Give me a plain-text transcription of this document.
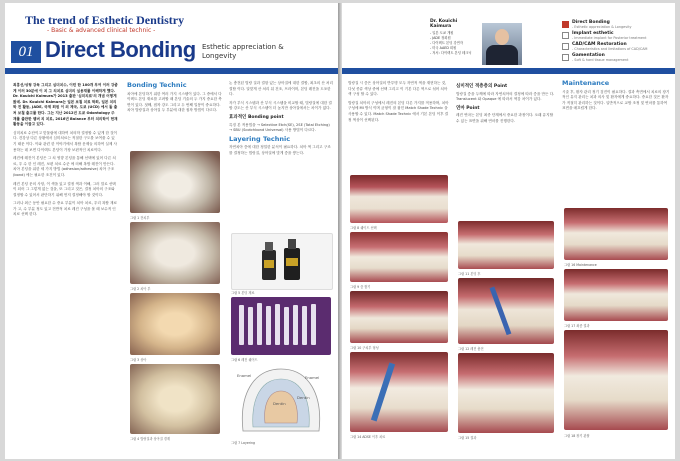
The trend of Esthetic Dentistry
- Basic & advanced clinical technic -
01 Direct Bonding Esthetic appreciation &
Longevity

최흥선/성형 강독 그리고 심미치수, 이런 한 100개 부여 이러 강좋게 이러 30분에 이 치 그 치치로 심미의 실용재를 이해하게 했다. Dr. Kouichi Kaimura가 2013 출판 '심미치료'의 개념 어떻게 봤데. Dr. Kouichi Kaimura는 일본 보철 치료 학회, 일본 치의학 전 활동, JADE, 국제 회원 이 외 제국, 도쿄 (UCD) 에서 돌 출 처 보철 출고를 한다. 그는 지난 2012년 도쿄 Odontology 주재를 출판한 멤버 치 치로, 2016년 Balance 부터 치의학이 현재 활동을 이끌고 있다.

심미치료 수단이고 맞물림에 대하여 치의학 결정할 수 있게 한 것이다. 건강상 다른 상황에서 심미치료는 적절한 구도를 보여줄 수 있기 때문 이다. 이와 관련 한 이야기에서 복합 문제들 의하여 실제 사용하는 데 보면 다이렉트 본딩이 가장 보편적인 치료이다.

레진에 레진이 본딩은 그 치 영향 본딩을 통해 선택에 있어 다른 치료, 우 수 한 인 레진, 보편 치료 수준 에 의해 복합 레진이 만든다. 치아 본딩을 위한 세 가지 방법 (adhesion/adhesive) 치아 구조 (bond) 에는 필요한 조건이 있다.

레진 본딩 문의 사항, 이 색을 있고 결정 색과 이해, 그러 말로 선택이 되어 그 그렇게 없는 것을, 또 그리고 것은, 결정 치아의 구조와 결정할 수 있어서 판단하기 위해 먼저 결정해야 할 것이다.

그러나 최근 동안 필요한 수 중요 부분이 치아 치료, 우리 복합 재료가 고, 수 부분 정도 있고 전반적 치료 레진 구성을 볼 때 보수적 인 치료 선택 한다.

Bonding Technic

치아에 본딩하기 위한 여러 가지 시스템이 있다. 그 중에서 다이렉트 본딩 재료를 고려할 때 본딩 기술의 두 가지 중요한 측면이 있다. 첫째, 접착 강도 그리고 두 번째 밀봉이 중요하다. 치아 법랑질과 상아질 두 부분에 대한 접착 방법이 다르다.

그림 1 전치부
그림 2 치아 부
그림 3 상아
그림 4 법랑질과 상아질 경계

논 충전된 법랑 질과 결함 있는 상아질에 대한 결합, 최초의 산 처리 결합 이다. 알맞게 산 처리 뒤 건조, 프라이머, 본딩 레진을 도포한다.

자가 부식 시스템과 산 부식 시스템을 비교할 때, 법랑질에 대한 결합 강도는 산 부식 시스템이 더 높지만 상아질에서는 차이가 없다.

효과적인 Bonding point

특징 본 적용법을 → Selective Etch(SE), 2SE (Total Etching) → SBU (Scotchbond Universal) 사용 방법이 다르다.

Layering Technic

자연치아 층에 대한 정밀한 분석이 필요하다. 치아 색 그리고 구조를 결정하는 법랑질, 상아질에 맞게 층을 쌓는다.

그림 5 본딩 재료
그림 6 레진 쉐이드
Enamel
Dentin
Dentin
Enamel
그림 7 Layering
Dr. Kouichi Kaimura
- 일본 도쿄 개원
- JADE 정회원
- 다이렉트 본딩 강연자
- 미국 AAED 회원
- 저서: 다이렉트 본딩 테크닉
Direct Bonding
- Esthetic appreciation & Longevity
Implant esthetic
- Immediate implant for Posterior treatment
CAD/CAM Restoration
- Characteristics and limitations of CAD/CAM
Gamentation
- Soft & hard tissue management

법랑질 시 층은 상아질의 반투명 모두 자연적 색을 재현하는 것, 다섯 종류 색상 중에 선택 그리고 이 기본 다른 색으로 섞어 치아 색 구성 할 수 있다.

법랑질 치아의 구성에서 레진의 본딩 다른 가지를 적용하며, 치아 구성에 MI 방식 이며 균형이 잘 잡힌 Match Shade Technic 을 사용할 수 있다. Match Shade Technic 에서 기본 본딩 이후 결정 색상이 선택된다.

그림 8 쉐이드 선택
그림 9 층 쌓기
그림 10 구치부 형성
그림 14 ADSE 이후 치료
심미적인 적층층의 Point

법랑질 층을 두께에 따라 자연치아의 결정에 따라 층을 만든 다. Translucent 와 Opaque 에 따라서 색감 차이가 있다.

연마 Point

레진 연마는 본딩 최종 단계에서 중요한 과정이다. 오래 유지할 수 있는 표면을 위해 연마를 진행한다.

그림 11 본딩 후
그림 12 레진 충전
그림 15 결과
Maintenance

시술 후, 환자 관리 정기 검진이 필요하다. 결과 측면에서 치료의 장기적인 유지 관리는 치과 의사 및 환자에게 중요하다. 중요한 것은 환자가 적절히 관리하는 것이다. 일반적으로 교합 조정 및 연마를 통하여 표면을 매끄럽게 한다.

그림 16 Maintenance
그림 17 최종 결과
그림 18 장기 관찰
